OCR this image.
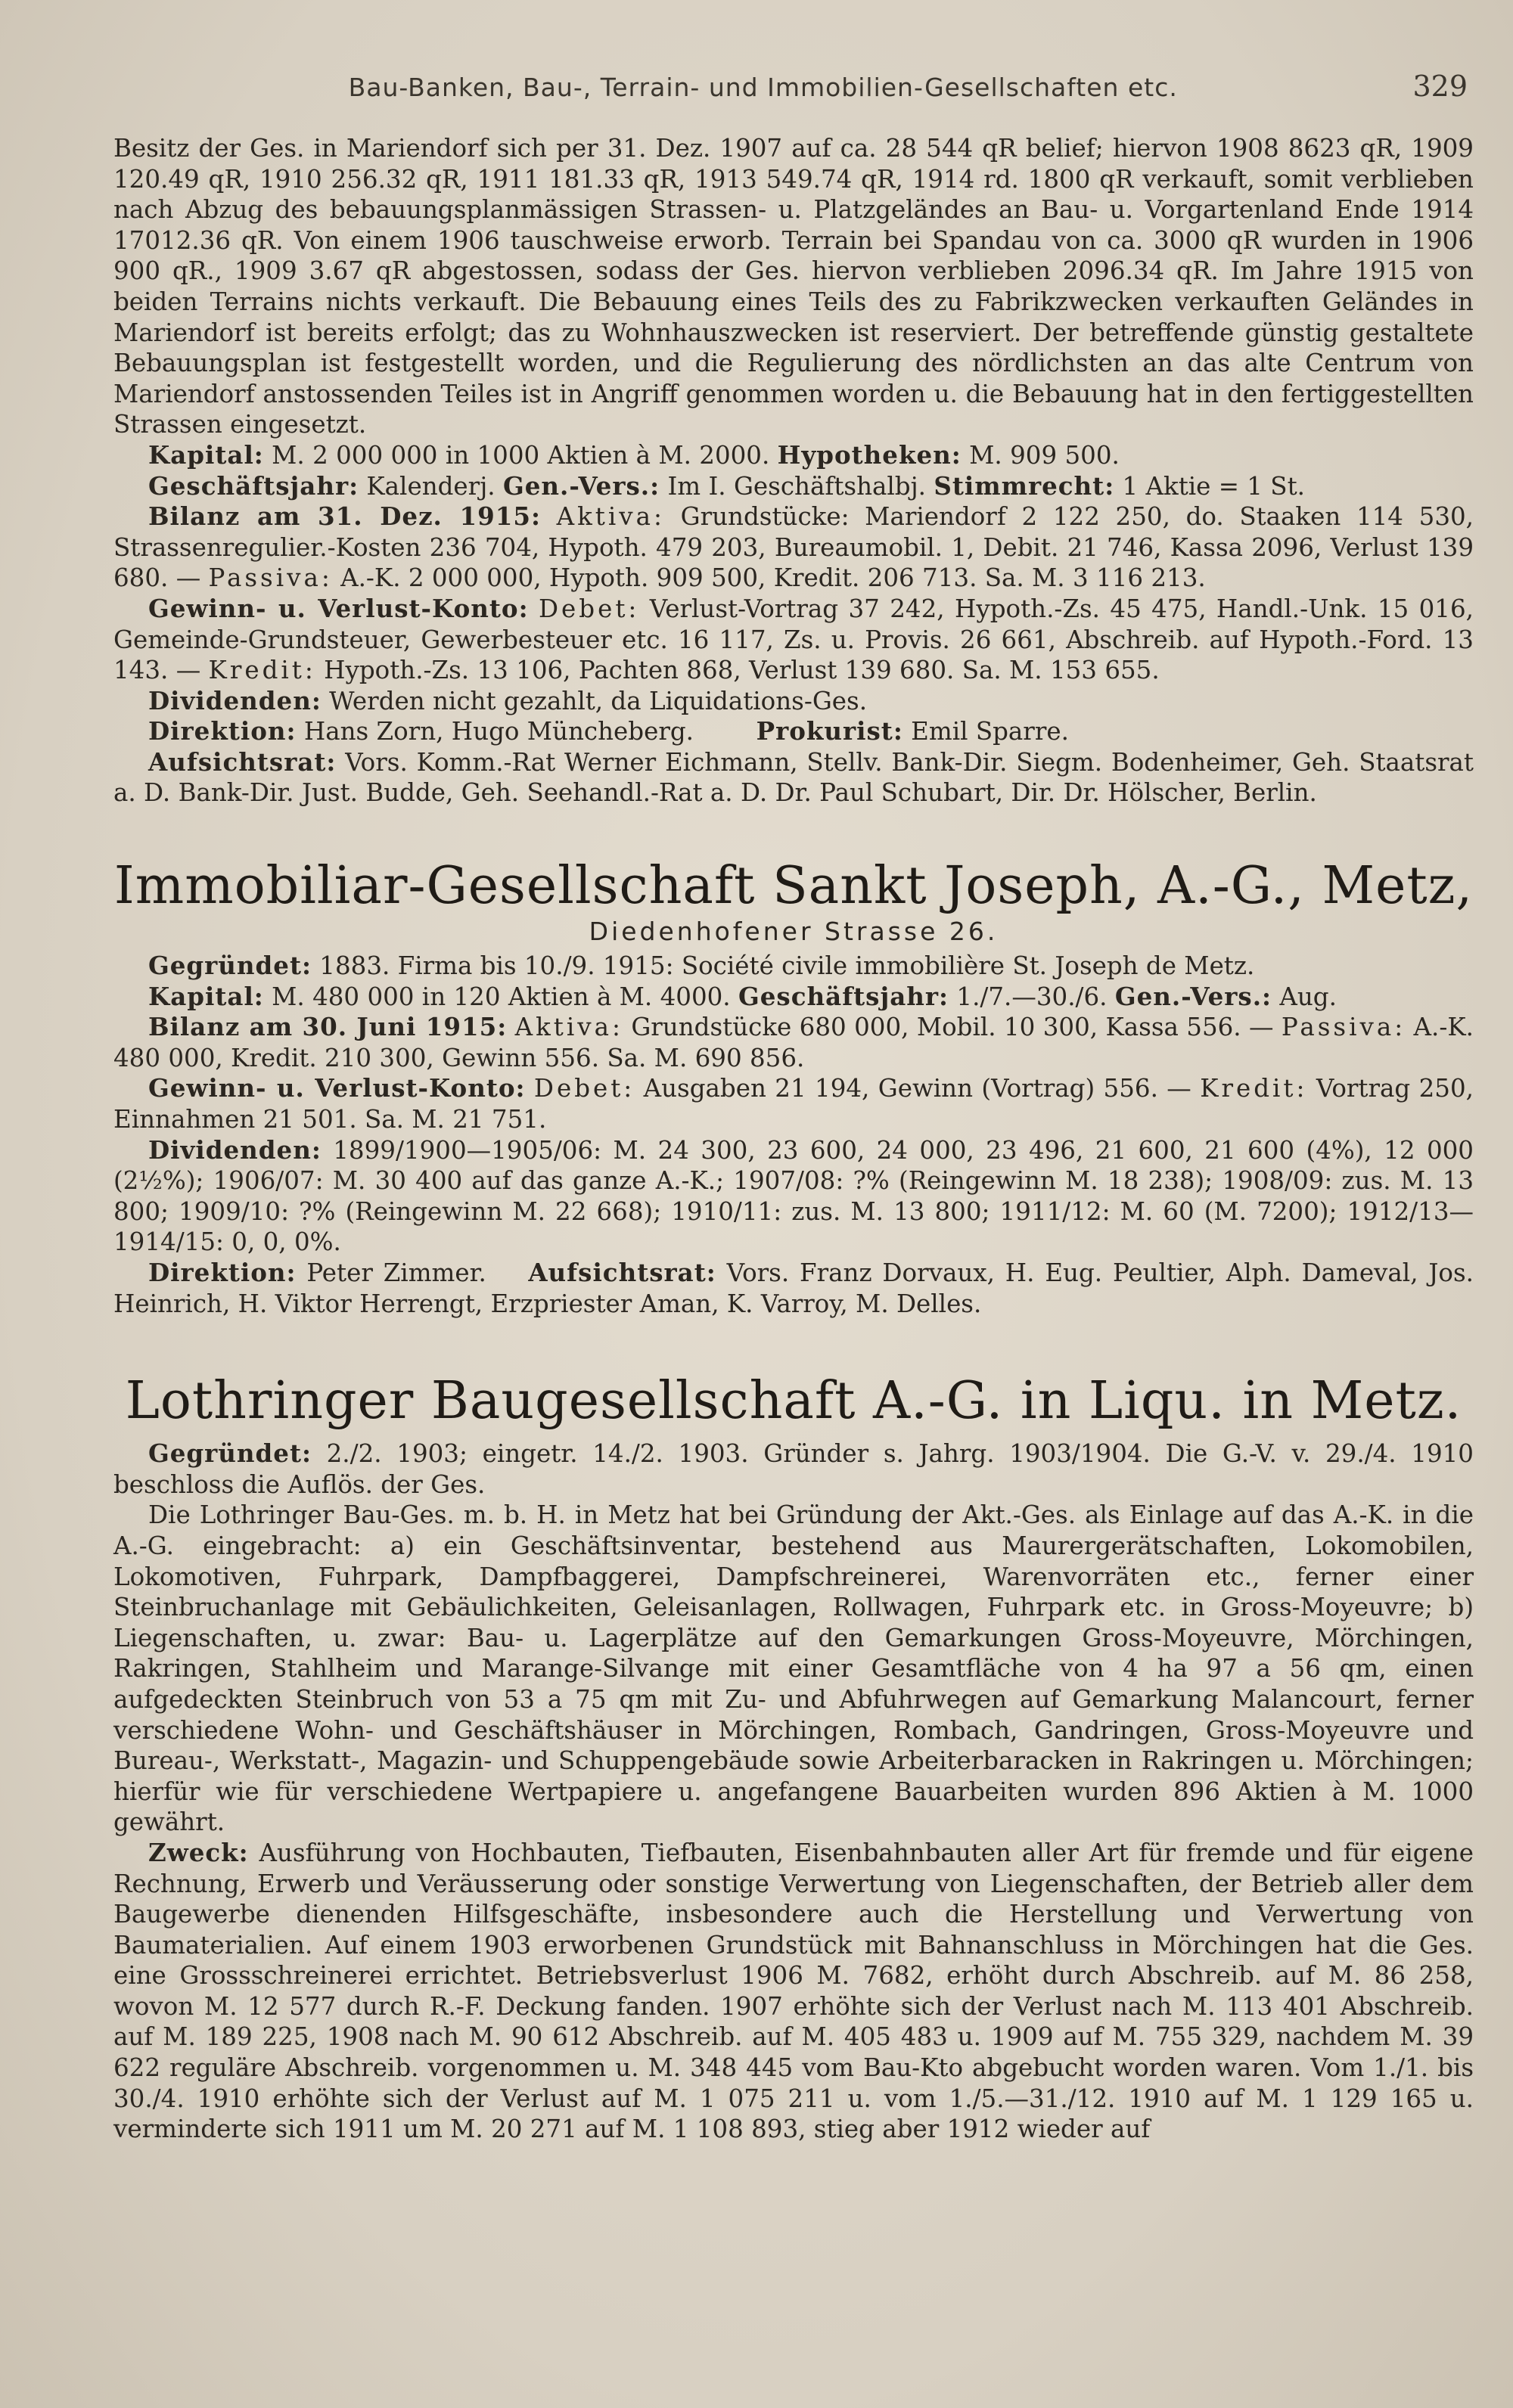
Bau-Banken, Bau-, Terrain- und Immobilien-Gesellschaften etc.	329

Besitz der Ges. in Mariendorf sich per 31. Dez. 1907 auf ca. 28 544 qR belief; hiervon 1908 8623 qR, 1909 120.49 qR, 1910 256.32 qR, 1911 181.33 qR, 1913 549.74 qR, 1914 rd. 1800 qR verkauft, somit verblieben nach Abzug des bebauungsplanmässigen Strassen- u. Platzgeländes an Bau- u. Vorgartenland Ende 1914 17012.36 qR. Von einem 1906 tauschweise erworb. Terrain bei Spandau von ca. 3000 qR wurden in 1906 900 qR., 1909 3.67 qR abgestossen, sodass der Ges. hiervon verblieben 2096.34 qR. Im Jahre 1915 von beiden Terrains nichts verkauft. Die Bebauung eines Teils des zu Fabrikzwecken verkauften Geländes in Mariendorf ist bereits erfolgt; das zu Wohnhauszwecken ist reserviert. Der betreffende günstig gestaltete Bebauungsplan ist festgestellt worden, und die Regulierung des nördlichsten an das alte Centrum von Mariendorf anstossenden Teiles ist in Angriff genommen worden u. die Bebauung hat in den fertiggestellten Strassen eingesetzt.

Kapital: M. 2 000 000 in 1000 Aktien à M. 2000. Hypotheken: M. 909 500.

Geschäftsjahr: Kalenderj. Gen.-Vers.: Im I. Geschäftshalbj. Stimmrecht: 1 Aktie = 1 St.

Bilanz am 31. Dez. 1915: Aktiva: Grundstücke: Mariendorf 2 122 250, do. Staaken 114 530, Strassenregulier.-Kosten 236 704, Hypoth. 479 203, Bureaumobil. 1, Debit. 21 746, Kassa 2096, Verlust 139 680. — Passiva: A.-K. 2 000 000, Hypoth. 909 500, Kredit. 206 713. Sa. M. 3 116 213.

Gewinn- u. Verlust-Konto: Debet: Verlust-Vortrag 37 242, Hypoth.-Zs. 45 475, Handl.-Unk. 15 016, Gemeinde-Grundsteuer, Gewerbesteuer etc. 16 117, Zs. u. Provis. 26 661, Abschreib. auf Hypoth.-Ford. 13 143. — Kredit: Hypoth.-Zs. 13 106, Pachten 868, Verlust 139 680. Sa. M. 153 655.

Dividenden: Werden nicht gezahlt, da Liquidations-Ges.

Direktion: Hans Zorn, Hugo Müncheberg.	Prokurist: Emil Sparre.

Aufsichtsrat: Vors. Komm.-Rat Werner Eichmann, Stellv. Bank-Dir. Siegm. Bodenheimer, Geh. Staatsrat a. D. Bank-Dir. Just. Budde, Geh. Seehandl.-Rat a. D. Dr. Paul Schubart, Dir. Dr. Hölscher, Berlin.

Immobiliar-Gesellschaft Sankt Joseph, A.-G., Metz,
Diedenhofener Strasse 26.

Gegründet: 1883. Firma bis 10./9. 1915: Société civile immobilière St. Joseph de Metz.

Kapital: M. 480 000 in 120 Aktien à M. 4000. Geschäftsjahr: 1./7.—30./6. Gen.-Vers.: Aug.

Bilanz am 30. Juni 1915: Aktiva: Grundstücke 680 000, Mobil. 10 300, Kassa 556. — Passiva: A.-K. 480 000, Kredit. 210 300, Gewinn 556. Sa. M. 690 856.

Gewinn- u. Verlust-Konto: Debet: Ausgaben 21 194, Gewinn (Vortrag) 556. — Kredit: Vortrag 250, Einnahmen 21 501. Sa. M. 21 751.

Dividenden: 1899/1900—1905/06: M. 24 300, 23 600, 24 000, 23 496, 21 600, 21 600 (4%), 12 000 (2½%); 1906/07: M. 30 400 auf das ganze A.-K.; 1907/08: ?% (Reingewinn M. 18 238); 1908/09: zus. M. 13 800; 1909/10: ?% (Reingewinn M. 22 668); 1910/11: zus. M. 13 800; 1911/12: M. 60 (M. 7200); 1912/13—1914/15: 0, 0, 0%.

Direktion: Peter Zimmer. Aufsichtsrat: Vors. Franz Dorvaux, H. Eug. Peultier, Alph. Dameval, Jos. Heinrich, H. Viktor Herrengt, Erzpriester Aman, K. Varroy, M. Delles.

Lothringer Baugesellschaft A.-G. in Liqu. in Metz.

Gegründet: 2./2. 1903; eingetr. 14./2. 1903. Gründer s. Jahrg. 1903/1904. Die G.-V. v. 29./4. 1910 beschloss die Auflös. der Ges.

Die Lothringer Bau-Ges. m. b. H. in Metz hat bei Gründung der Akt.-Ges. als Einlage auf das A.-K. in die A.-G. eingebracht: a) ein Geschäftsinventar, bestehend aus Maurergerätschaften, Lokomobilen, Lokomotiven, Fuhrpark, Dampfbaggerei, Dampfschreinerei, Warenvorräten etc., ferner einer Steinbruchanlage mit Gebäulichkeiten, Geleisanlagen, Rollwagen, Fuhrpark etc. in Gross-Moyeuvre; b) Liegenschaften, u. zwar: Bau- u. Lagerplätze auf den Gemarkungen Gross-Moyeuvre, Mörchingen, Rakringen, Stahlheim und Marange-Silvange mit einer Gesamtfläche von 4 ha 97 a 56 qm, einen aufgedeckten Steinbruch von 53 a 75 qm mit Zu- und Abfuhrwegen auf Gemarkung Malancourt, ferner verschiedene Wohn- und Geschäftshäuser in Mörchingen, Rombach, Gandringen, Gross-Moyeuvre und Bureau-, Werkstatt-, Magazin- und Schuppengebäude sowie Arbeiterbaracken in Rakringen u. Mörchingen; hierfür wie für verschiedene Wertpapiere u. angefangene Bauarbeiten wurden 896 Aktien à M. 1000 gewährt.

Zweck: Ausführung von Hochbauten, Tiefbauten, Eisenbahnbauten aller Art für fremde und für eigene Rechnung, Erwerb und Veräusserung oder sonstige Verwertung von Liegenschaften, der Betrieb aller dem Baugewerbe dienenden Hilfsgeschäfte, insbesondere auch die Herstellung und Verwertung von Baumaterialien. Auf einem 1903 erworbenen Grundstück mit Bahnanschluss in Mörchingen hat die Ges. eine Grossschreinerei errichtet. Betriebsverlust 1906 M. 7682, erhöht durch Abschreib. auf M. 86 258, wovon M. 12 577 durch R.-F. Deckung fanden. 1907 erhöhte sich der Verlust nach M. 113 401 Abschreib. auf M. 189 225, 1908 nach M. 90 612 Abschreib. auf M. 405 483 u. 1909 auf M. 755 329, nachdem M. 39 622 reguläre Abschreib. vorgenommen u. M. 348 445 vom Bau-Kto abgebucht worden waren. Vom 1./1. bis 30./4. 1910 erhöhte sich der Verlust auf M. 1 075 211 u. vom 1./5.—31./12. 1910 auf M. 1 129 165 u. verminderte sich 1911 um M. 20 271 auf M. 1 108 893, stieg aber 1912 wieder auf
